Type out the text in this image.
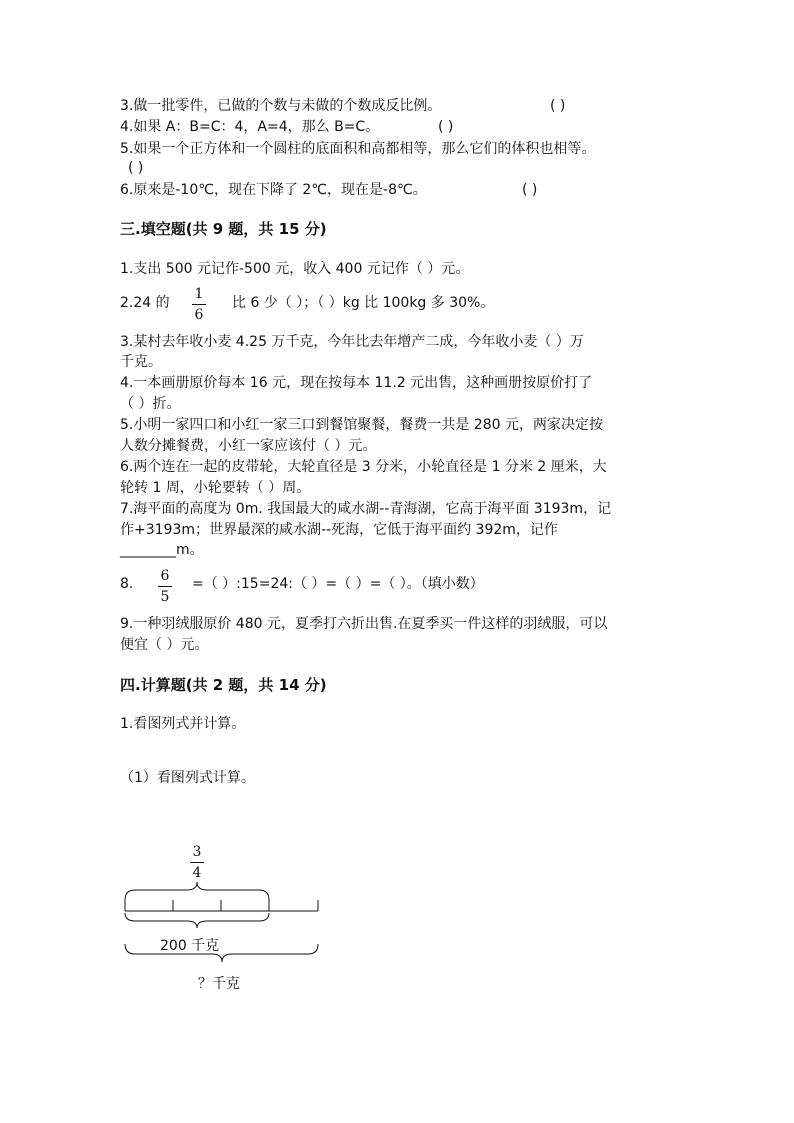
3.做一批零件，已做的个数与未做的个数成反比例。	( )
4.如果 A：B=C：4，A=4，那么 B=C。	( )
5.如果一个正方体和一个圆柱的底面积和高都相等，那么它们的体积也相等。
( )
6.原来是-10℃，现在下降了 2℃，现在是-8℃。	( )
三.填空题(共 9 题，共 15 分)
1.支出 500 元记作-500 元，收入 400 元记作（ ）元。
2.24 的
1
6
比 6 少（ ）；（ ）kg 比 100kg 多 30%。
3.某村去年收小麦 4.25 万千克，今年比去年增产二成，今年收小麦（ ）万
千克。
4.一本画册原价每本 16 元，现在按每本 11.2 元出售，这种画册按原价打了
（ ）折。
5.小明一家四口和小红一家三口到餐馆聚餐，餐费一共是 280 元，两家决定按
人数分摊餐费，小红一家应该付（ ）元。
6.两个连在一起的皮带轮，大轮直径是 3 分米，小轮直径是 1 分米 2 厘米，大
轮转 1 周，小轮要转（ ）周。
7.海平面的高度为 0m. 我国最大的咸水湖--青海湖，它高于海平面 3193m，记
作+3193m；世界最深的咸水湖--死海，它低于海平面约 392m，记作
________m。
8. 6
5
=（ ）:15=24:（ ）=（ ）=（ ）。（填小数）
9.一种羽绒服原价 480 元，夏季打六折出售.在夏季买一件这样的羽绒服，可以
便宜（ ）元。
四.计算题(共 2 题，共 14 分)
1.看图列式并计算。
（1）看图列式计算。
3
4
200 千克
？千克
